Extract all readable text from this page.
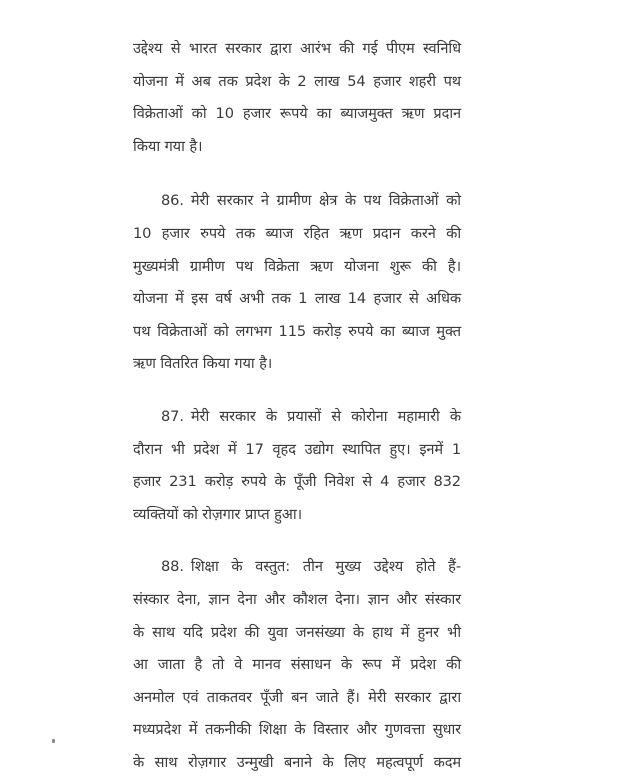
उद्देश्य से भारत सरकार द्वारा आरंभ की गई पीएम स्वनिधि
योजना में अब तक प्रदेश के 2 लाख 54 हजार शहरी पथ
विक्रेताओं को 10 हजार रूपये का ब्याजमुक्त ऋण प्रदान
किया गया है।

86. मेरी सरकार ने ग्रामीण क्षेत्र के पथ विक्रेताओं को
10 हजार रुपये तक ब्याज रहित ऋण प्रदान करने की
मुख्यमंत्री ग्रामीण पथ विक्रेता ऋण योजना शुरू की है।
योजना में इस वर्ष अभी तक 1 लाख 14 हजार से अधिक
पथ विक्रेताओं को लगभग 115 करोड़ रुपये का ब्याज मुक्त
ऋण वितरित किया गया है।

87. मेरी सरकार के प्रयासों से कोरोना महामारी के
दौरान भी प्रदेश में 17 वृहद उद्योग स्थापित हुए। इनमें 1
हजार 231 करोड़ रुपये के पूँजी निवेश से 4 हजार 832
व्यक्तियों को रोज़गार प्राप्त हुआ।

88. शिक्षा के वस्तुत: तीन मुख्य उद्देश्य होते हैं-
संस्कार देना, ज्ञान देना और कौशल देना। ज्ञान और संस्कार
के साथ यदि प्रदेश की युवा जनसंख्या के हाथ में हुनर भी
आ जाता है तो वे मानव संसाधन के रूप में प्रदेश की
अनमोल एवं ताकतवर पूँजी बन जाते हैं। मेरी सरकार द्वारा
मध्यप्रदेश में तकनीकी शिक्षा के विस्तार और गुणवत्ता सुधार
के साथ रोज़गार उन्मुखी बनाने के लिए महत्वपूर्ण कदम
